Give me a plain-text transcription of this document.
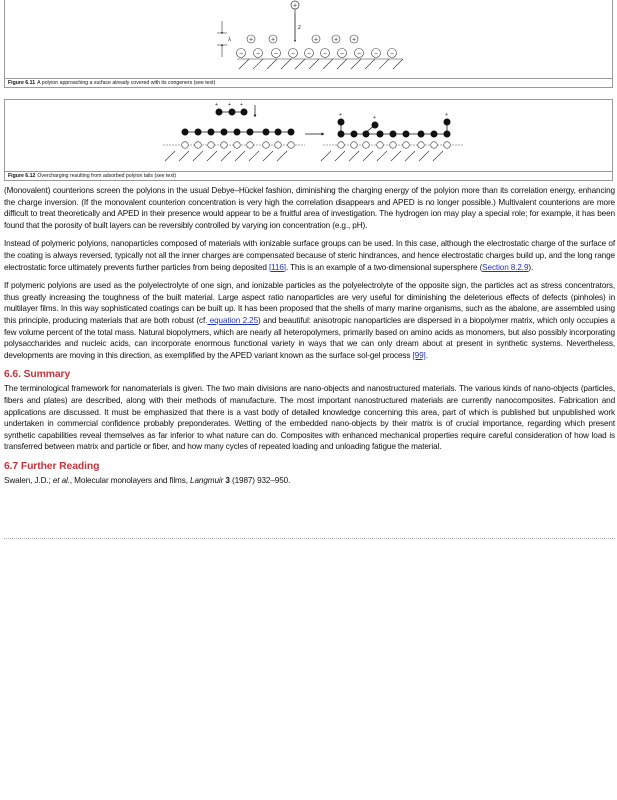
+
z
λ	+	+	+ + +
− − − − − − − − − −
Figure 6.11 A polyion approaching a surface already covered with its congeners (see text)
+ + +
+	+	+
Figure 6.12 Overcharging resulting from adsorbed polyion tails (see text)

(Monovalent) counterions screen the polyions in the usual Debye–Hückel fashion, diminishing the charging energy of the polyion more than its correlation energy, enhancing the charge inversion. (If the monovalent counterion concentration is very high the correlation disappears and APED is no longer possible.) Multivalent counterions are more difficult to treat theoretically and APED in their presence would appear to be a fruitful area of investigation. The hydrogen ion may play a special role; for example, it has been found that the porosity of built layers can be reversibly controlled by varying ion concentration (e.g., pH).

Instead of polymeric polyions, nanoparticles composed of materials with ionizable surface groups can be used. In this case, although the electrostatic charge of the surface of the coating is always reversed, typically not all the inner charges are compensated because of steric hindrances, and hence electrostatic charges build up, and the long range electrostatic force ultimately prevents further particles from being deposited [116]. This is an example of a two-dimensional supersphere (Section 8.2.9).

If polymeric polyions are used as the polyelectrolyte of one sign, and ionizable particles as the polyelectrolyte of the opposite sign, the particles act as stress concentrators, thus greatly increasing the toughness of the built material. Large aspect ratio nanoparticles are very useful for diminishing the deleterious effects of defects (pinholes) in multilayer films. In this way sophisticated coatings can be built up. It has been proposed that the shells of many marine organisms, such as the abalone, are assembled using this principle, producing materials that are both robust (cf. equation 2.25) and beautiful: anisotropic nanoparticles are dispersed in a biopolymer matrix, which only occupies a few volume percent of the total mass. Natural biopolymers, which are nearly all heteropolymers, primarily based on amino acids as monomers, but also possibly incorporating polysaccharides and nucleic acids, can incorporate enormous functional variety in ways that we can only dream about at present in synthetic systems. Nevertheless, developments are moving in this direction, as exemplified by the APED variant known as the surface sol-gel process [99].

6.6. Summary

The terminological framework for nanomaterials is given. The two main divisions are nano-objects and nanostructured materials. The various kinds of nano-objects (particles, fibers and plates) are described, along with their methods of manufacture. The most important nanostructured materials are currently nanocomposites. Fabrication and applications are discussed. It must be emphasized that there is a vast body of detailed knowledge concerning this area, part of which is published but unpublished work undertaken in commercial confidence probably preponderates. Wetting of the embedded nano-objects by their matrix is of crucial importance, regarding which present synthetic capabilities reveal themselves as far inferior to what nature can do. Composites with enhanced mechanical properties require careful consideration of how load is transferred between matrix and particle or fiber, and how many cycles of repeated loading and unloading fatigue the material.

6.7 Further Reading

Swalen, J.D.; et al., Molecular monolayers and films, Langmuir 3 (1987) 932–950.
